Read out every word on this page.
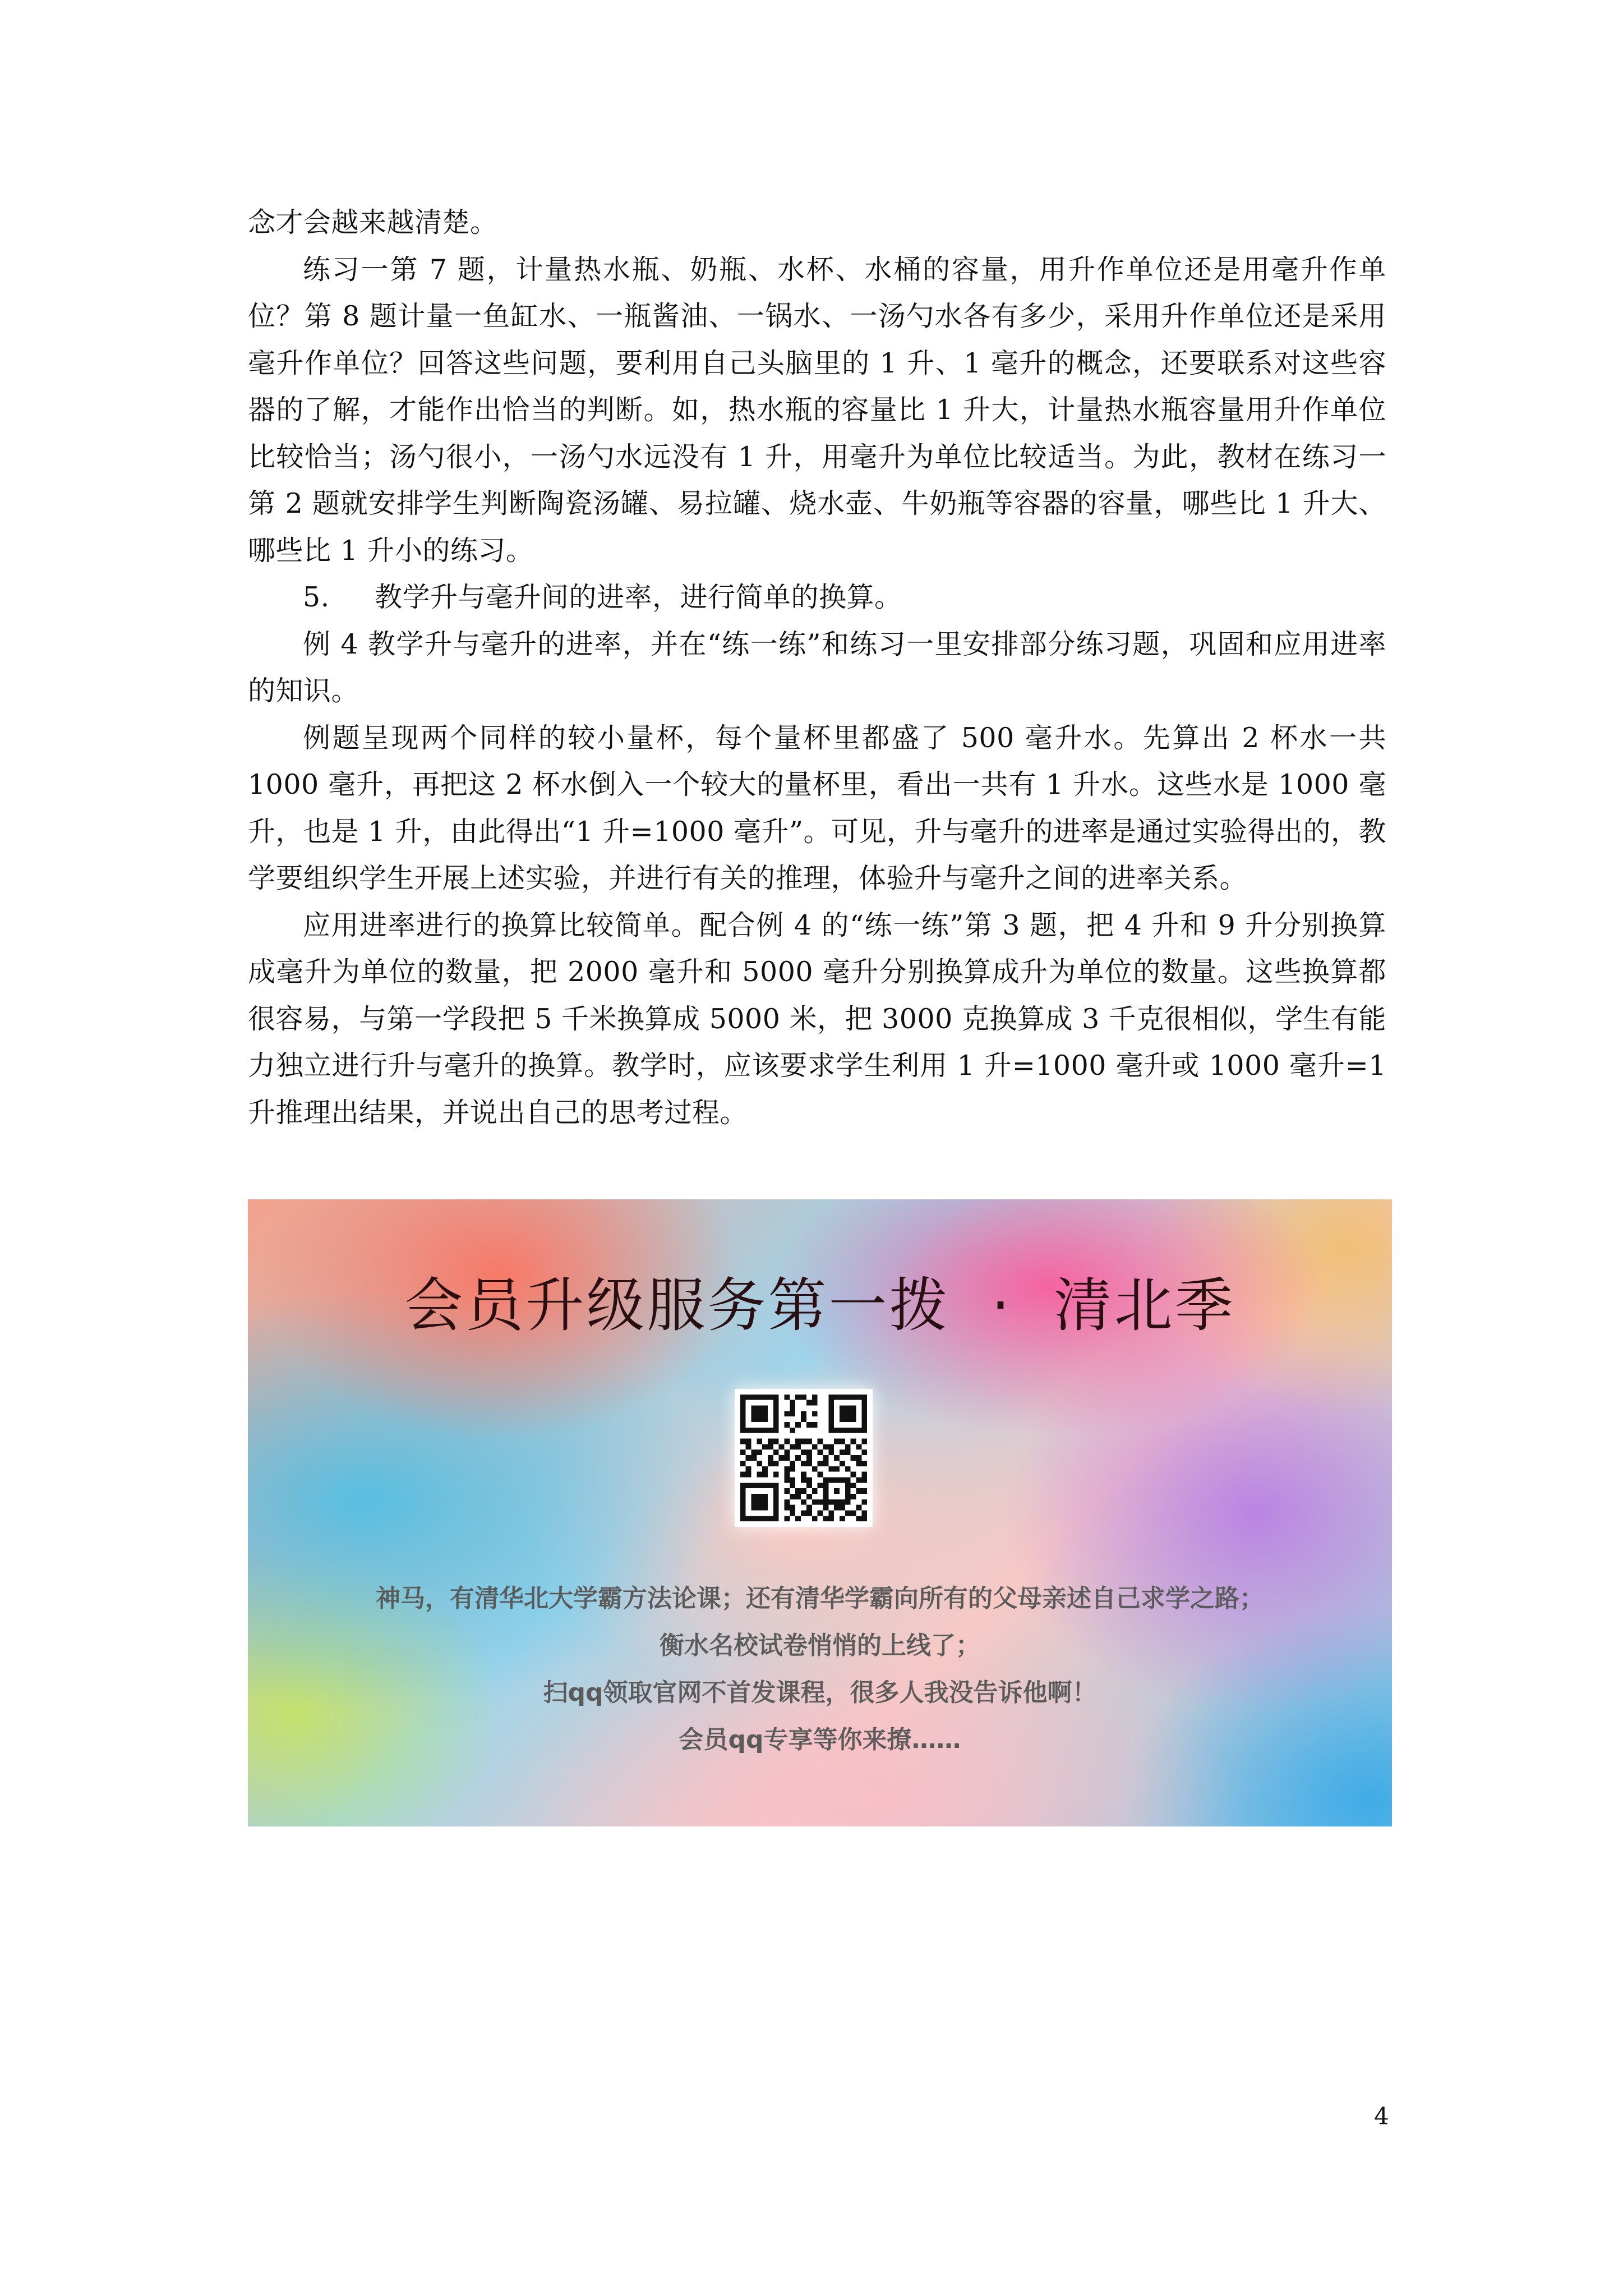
念才会越来越清楚。

练习一第 7 题，计量热水瓶、奶瓶、水杯、水桶的容量，用升作单位还是用毫升作单位？第 8 题计量一鱼缸水、一瓶酱油、一锅水、一汤勺水各有多少，采用升作单位还是采用毫升作单位？回答这些问题，要利用自己头脑里的 1 升、1 毫升的概念，还要联系对这些容器的了解，才能作出恰当的判断。如，热水瓶的容量比 1 升大，计量热水瓶容量用升作单位比较恰当；汤勺很小，一汤勺水远没有 1 升，用毫升为单位比较适当。为此，教材在练习一第 2 题就安排学生判断陶瓷汤罐、易拉罐、烧水壶、牛奶瓶等容器的容量，哪些比 1 升大、哪些比 1 升小的练习。

5. 教学升与毫升间的进率，进行简单的换算。

例 4 教学升与毫升的进率，并在“练一练”和练习一里安排部分练习题，巩固和应用进率的知识。

例题呈现两个同样的较小量杯，每个量杯里都盛了 500 毫升水。先算出 2 杯水一共 1000 毫升，再把这 2 杯水倒入一个较大的量杯里，看出一共有 1 升水。这些水是 1000 毫升，也是 1 升，由此得出“1 升=1000 毫升”。可见，升与毫升的进率是通过实验得出的，教学要组织学生开展上述实验，并进行有关的推理，体验升与毫升之间的进率关系。

应用进率进行的换算比较简单。配合例 4 的“练一练”第 3 题，把 4 升和 9 升分别换算成毫升为单位的数量，把 2000 毫升和 5000 毫升分别换算成升为单位的数量。这些换算都很容易，与第一学段把 5 千米换算成 5000 米，把 3000 克换算成 3 千克很相似，学生有能力独立进行升与毫升的换算。教学时，应该要求学生利用 1 升=1000 毫升或 1000 毫升=1 升推理出结果，并说出自己的思考过程。

会员升级服务第一拨  ·  清北季
神马，有清华北大学霸方法论课；还有清华学霸向所有的父母亲述自己求学之路；
衡水名校试卷悄悄的上线了；
扫qq领取官网不首发课程，很多人我没告诉他啊！
会员qq专享等你来撩……
4
